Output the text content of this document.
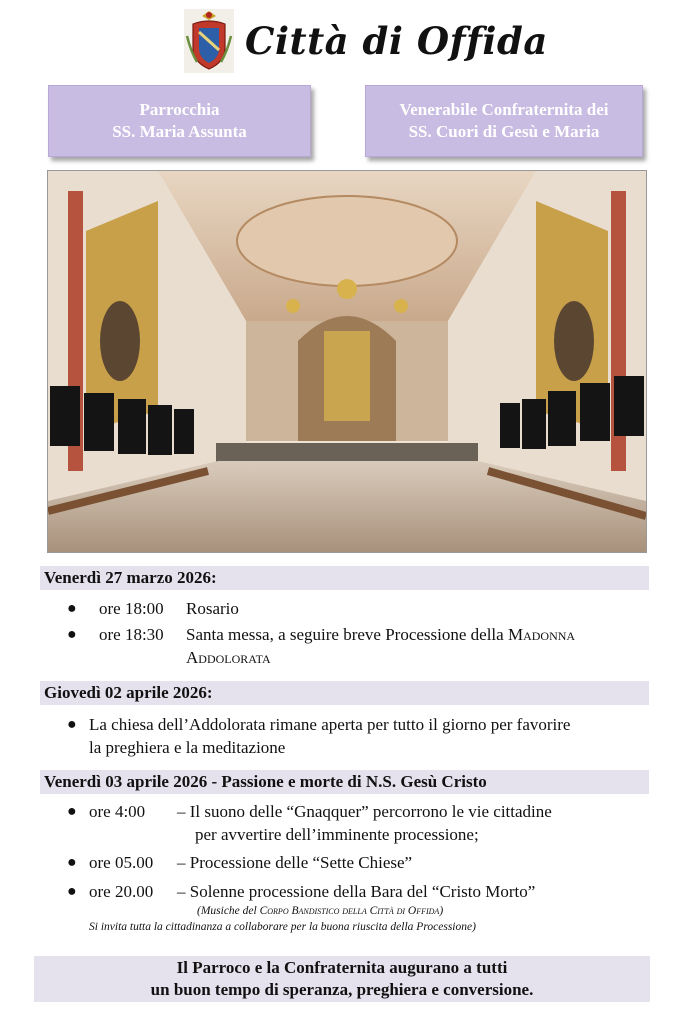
Città di Offida
Parrocchia
SS. Maria Assunta
Venerabile Confraternita dei
SS. Cuori di Gesù e Maria
Venerdì 27 marzo 2026:
● ore 18:00 Rosario
● ore 18:30 Santa messa, a seguire breve Processione della Madonna
Addolorata
Giovedì 02 aprile 2026:
● La chiesa dell’Addolorata rimane aperta per tutto il giorno per favorire
la preghiera e la meditazione
Venerdì 03 aprile 2026 - Passione e morte di N.S. Gesù Cristo
● ore 4:00 – Il suono delle “Gnaqquer” percorrono le vie cittadine
per avvertire dell’imminente processione;
● ore 05.00 – Processione delle “Sette Chiese”
● ore 20.00 – Solenne processione della Bara del “Cristo Morto”
(Musiche del Corpo Bandistico della Città di Offida)
Si invita tutta la cittadinanza a collaborare per la buona riuscita della Processione)
Il Parroco e la Confraternita augurano a tutti
un buon tempo di speranza, preghiera e conversione.
